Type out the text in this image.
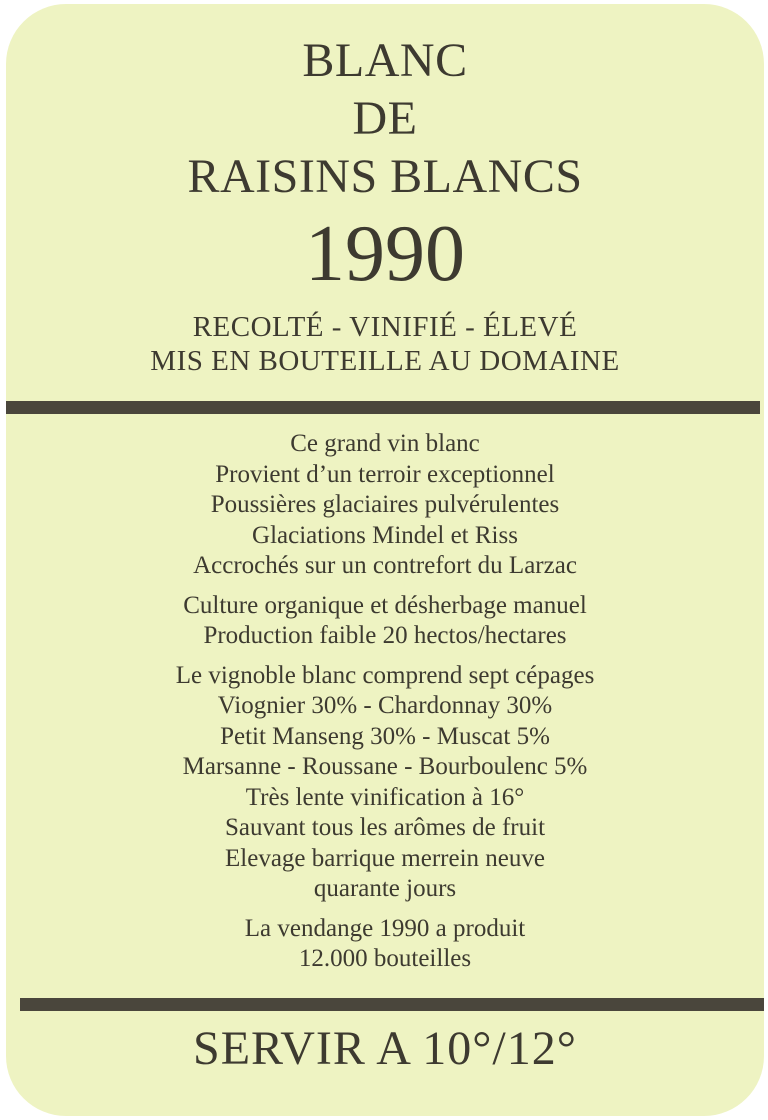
BLANC
DE
RAISINS BLANCS
1990
RECOLTÉ - VINIFIÉ - ÉLEVÉ
MIS EN BOUTEILLE AU DOMAINE
Ce grand vin blanc
Provient d’un terroir exceptionnel
Poussières glaciaires pulvérulentes
Glaciations Mindel et Riss
Accrochés sur un contrefort du Larzac
Culture organique et désherbage manuel
Production faible 20 hectos/hectares
Le vignoble blanc comprend sept cépages
Viognier 30% - Chardonnay 30%
Petit Manseng 30% - Muscat 5%
Marsanne - Roussane - Bourboulenc 5%
Très lente vinification à 16°
Sauvant tous les arômes de fruit
Elevage barrique merrein neuve
quarante jours
La vendange 1990 a produit
12.000 bouteilles
SERVIR A 10°/12°
